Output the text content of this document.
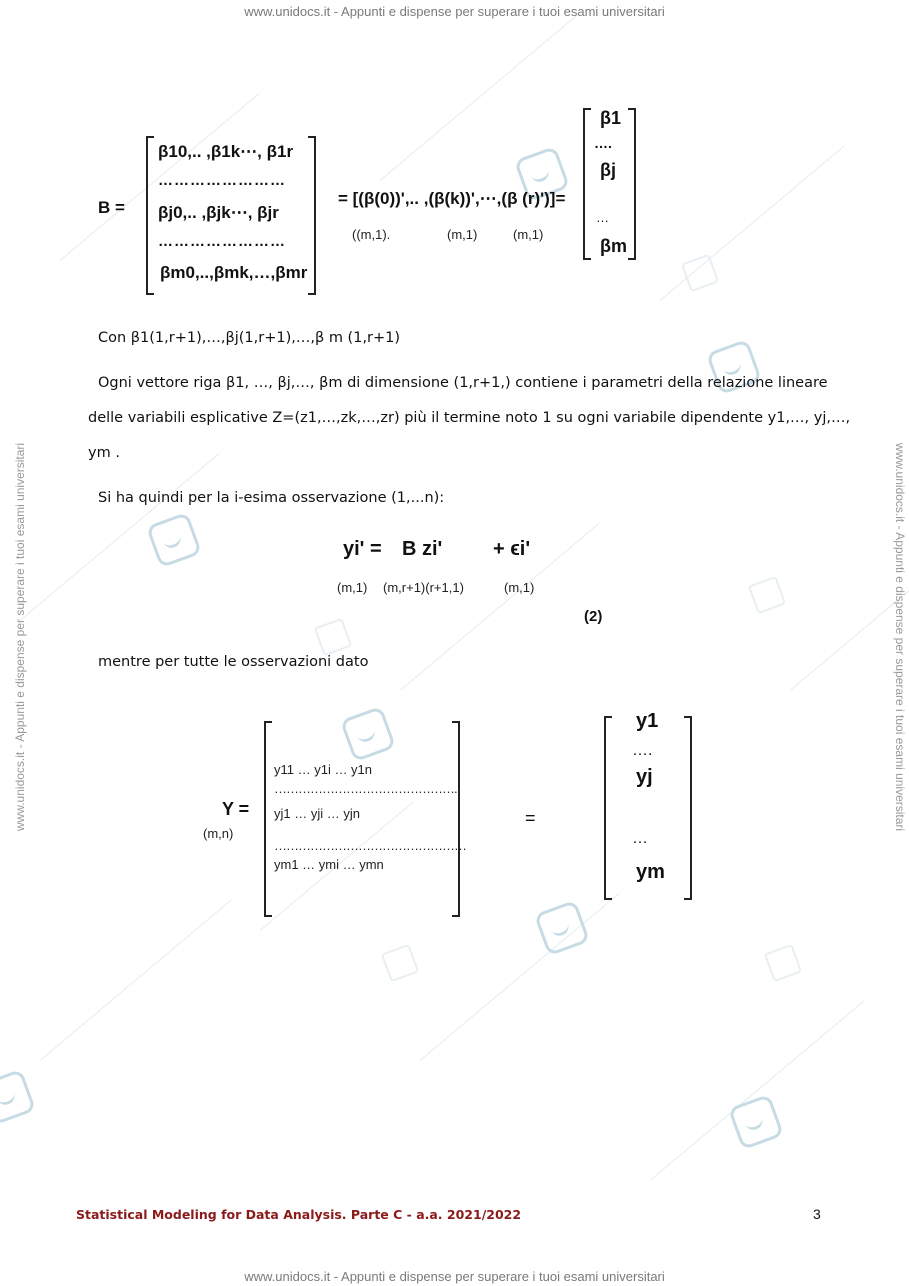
www.unidocs.it - Appunti e dispense per superare i tuoi esami universitari
www.unidocs.it - Appunti e dispense per superare i tuoi esami universitari
www.unidocs.it - Appunti e dispense per superare i tuoi esami universitari	www.unidocs.it - Appunti e dispense per superare i tuoi esami universitari
B =
β10,.. ,β1k⋯, β1r
……………………
βj0,.. ,βjk⋯, βjr
……………………
βm0,..,βmk,…,βmr
= [(β(0))',.. ,(β(k))',⋯,(β (r)')]=
((m,1).	(m,1)	(m,1)
β1
….
βj
…
βm
Con β1(1,r+1),…,βj(1,r+1),…,β m (1,r+1)
Ogni vettore riga β1, …, βj,…, βm di dimensione (1,r+1,) contiene i parametri della relazione lineare
delle variabili esplicative Z=(z1,…,zk,…,zr) più il termine noto 1 su ogni variabile dipendente y1,…, yj,…,
ym .
Si ha quindi per la i-esima osservazione (1,...n):
yi' = B zi'	+ ϵi'
(m,1) (m,r+1)(r+1,1)	(m,1)
(2)
mentre per tutte le osservazioni dato
Y =
(m,n)
y11 … y1i … y1n
……………………………………….
yj1 … yji … yjn
…………………………………………
ym1 … ymi … ymn
=
y1
….
yj
…
ym
Statistical Modeling for Data Analysis. Parte C - a.a. 2021/2022	3
